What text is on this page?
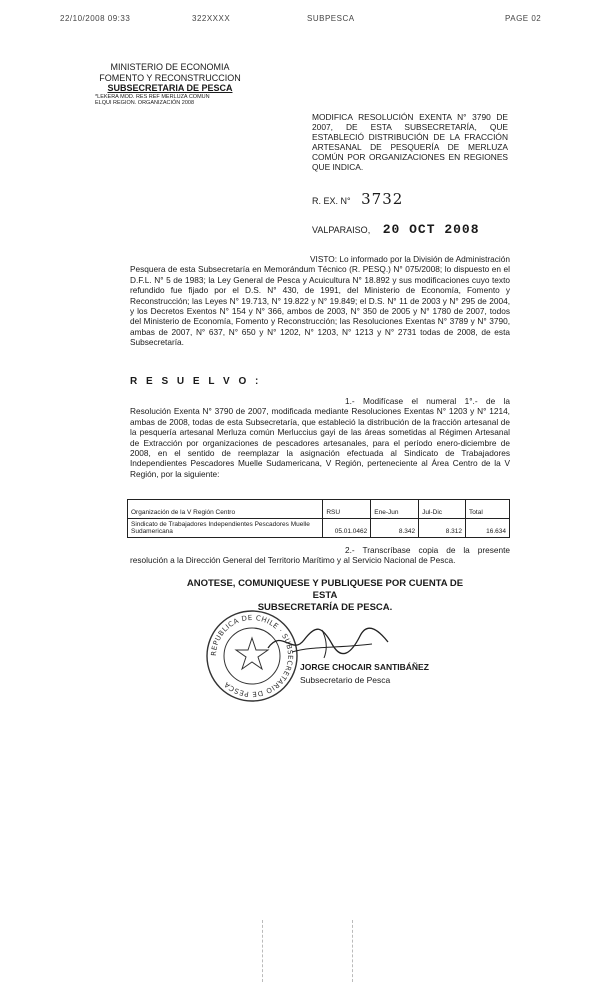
22/10/2008 09:33	322XXXX	SUBPESCA	PAGE 02
MINISTERIO DE ECONOMIA
FOMENTO Y RECONSTRUCCION
SUBSECRETARIA DE PESCA
*LEKERA MOD. RES REF MERLUZA COMUN
ELQUI REGION. ORGANIZACIÓN 2008
MODIFICA RESOLUCIÓN EXENTA N° 3790 DE 2007, DE ESTA SUBSECRETARÍA, QUE ESTABLECIÓ DISTRIBUCIÓN DE LA FRACCIÓN ARTESANAL DE PESQUERÍA DE MERLUZA COMÚN POR ORGANIZACIONES EN REGIONES QUE INDICA.
R. EX. N° 3732
VALPARAISO, 20 OCT 2008
VISTO: Lo informado por la División de Administración Pesquera de esta Subsecretaría en Memorándum Técnico (R. PESQ.) N° 075/2008; lo dispuesto en el D.F.L. N° 5 de 1983; la Ley General de Pesca y Acuicultura N° 18.892 y sus modificaciones cuyo texto refundido fue fijado por el D.S. N° 430, de 1991, del Ministerio de Economía, Fomento y Reconstrucción; las Leyes N° 19.713, N° 19.822 y N° 19.849; el D.S. N° 11 de 2003 y N° 295 de 2004, y los Decretos Exentos N° 154 y N° 366, ambos de 2003, N° 350 de 2005 y N° 1780 de 2007, todos del Ministerio de Economía, Fomento y Reconstrucción; las Resoluciones Exentas N° 3789 y N° 3790, ambas de 2007, N° 637, N° 650 y N° 1202, N° 1203, N° 1213 y N° 2731 todas de 2008, de esta Subsecretaría.
R E S U E L V O :
1.- Modifícase el numeral 1°.- de la Resolución Exenta N° 3790 de 2007, modificada mediante Resoluciones Exentas N° 1203 y N° 1214, ambas de 2008, todas de esta Subsecretaría, que estableció la distribución de la fracción artesanal de la pesquería artesanal Merluza común Merluccius gayi de las áreas sometidas al Régimen Artesanal de Extracción por organizaciones de pescadores artesanales, para el período enero-diciembre de 2008, en el sentido de reemplazar la asignación efectuada al Sindicato de Trabajadores Independientes Pescadores Muelle Sudamericana, V Región, perteneciente al Área Centro de la V Región, por la siguiente:
Organización de la V Región Centro	RSU	Ene-Jun	Jul-Dic	Total
Sindicato de Trabajadores Independientes Pescadores Muelle Sudamericana	05.01.0462	8.342	8.312	16.634
2.- Transcríbase copia de la presente resolución a la Dirección General del Territorio Marítimo y al Servicio Nacional de Pesca.
ANOTESE, COMUNIQUESE Y PUBLIQUESE POR CUENTA DE ESTA
SUBSECRETARÍA DE PESCA.
REPUBLICA DE CHILE · SUBSECRETARIO DE PESCA
JORGE CHOCAIR SANTIBÁÑEZ
Subsecretario de Pesca
